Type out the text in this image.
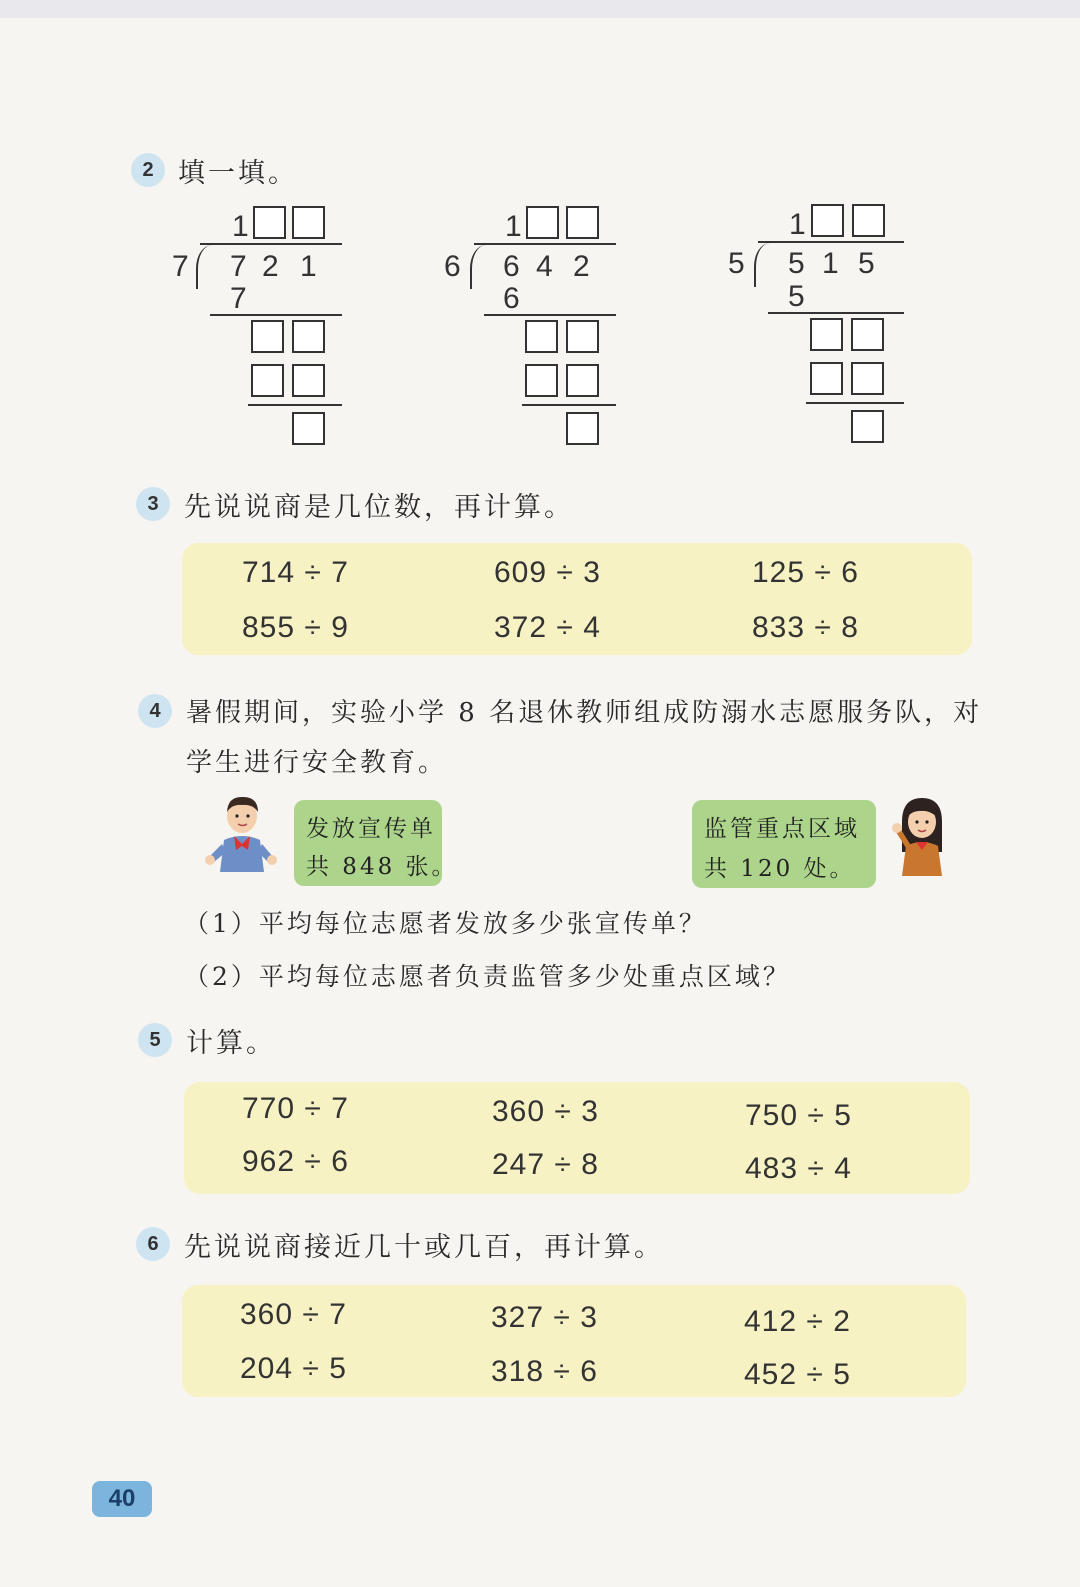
2 填一填。
1
7 7 2 1
7
1
6 6 4 2
6
1
5 5 1 5
5
3 先说说商是几位数，再计算。
714 ÷ 7	609 ÷ 3	125 ÷ 6
855 ÷ 9	372 ÷ 4	833 ÷ 8
4 暑假期间，实验小学 8 名退休教师组成防溺水志愿服务队，对
学生进行安全教育。
发放宣传单
共 848 张。
监管重点区域
共 120 处。
（1）平均每位志愿者发放多少张宣传单？
（2）平均每位志愿者负责监管多少处重点区域？
5 计算。
770 ÷ 7	360 ÷ 3	750 ÷ 5
962 ÷ 6	247 ÷ 8	483 ÷ 4
6 先说说商接近几十或几百，再计算。
360 ÷ 7	327 ÷ 3	412 ÷ 2
204 ÷ 5	318 ÷ 6	452 ÷ 5
40
